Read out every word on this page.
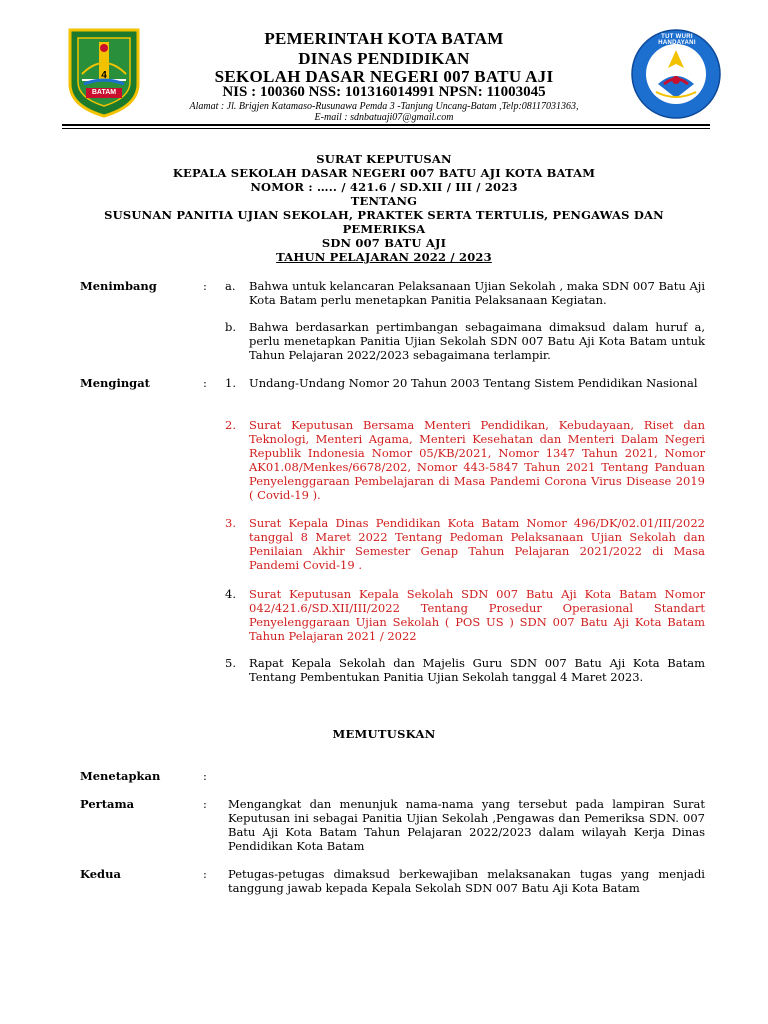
4
BATAM
PEMERINTAH KOTA BATAM
DINAS PENDIDIKAN
SEKOLAH DASAR NEGERI 007 BATU AJI
NIS : 100360 NSS: 101316014991 NPSN: 11003045
Alamat : Jl. Brigjen Katamaso-Rusunawa Pemda 3 -Tanjung Uncang-Batam ,Telp:08117031363,
E-mail : sdnbatuaji07@gmail.com
TUT WURI HANDAYANI
SURAT KEPUTUSAN
KEPALA SEKOLAH DASAR NEGERI 007 BATU AJI KOTA BATAM
NOMOR : ….. / 421.6 / SD.XII / III / 2023
TENTANG
SUSUNAN PANITIA UJIAN SEKOLAH, PRAKTEK SERTA TERTULIS, PENGAWAS DAN
PEMERIKSA
SDN 007 BATU AJI
TAHUN PELAJARAN 2022 / 2023
Menimbang	: a. Bahwa untuk kelancaran Pelaksanaan Ujian Sekolah , maka SDN 007 Batu Aji Kota Batam perlu menetapkan Panitia Pelaksanaan Kegiatan.
b. Bahwa berdasarkan pertimbangan sebagaimana dimaksud dalam huruf a, perlu menetapkan Panitia Ujian Sekolah SDN 007 Batu Aji Kota Batam untuk Tahun Pelajaran 2022/2023 sebagaimana terlampir.
Mengingat	: 1. Undang-Undang Nomor 20 Tahun 2003 Tentang Sistem Pendidikan Nasional
2. Surat Keputusan Bersama Menteri Pendidikan, Kebudayaan, Riset dan Teknologi, Menteri Agama, Menteri Kesehatan dan Menteri Dalam Negeri Republik Indonesia Nomor 05/KB/2021, Nomor 1347 Tahun 2021, Nomor AK01.08/Menkes/6678/202, Nomor 443-5847 Tahun 2021 Tentang Panduan Penyelenggaraan Pembelajaran di Masa Pandemi Corona Virus Disease 2019 ( Covid-19 ).
3. Surat Kepala Dinas Pendidikan Kota Batam Nomor 496/DK/02.01/III/2022 tanggal 8 Maret 2022 Tentang Pedoman Pelaksanaan Ujian Sekolah dan Penilaian Akhir Semester Genap Tahun Pelajaran 2021/2022 di Masa Pandemi Covid-19 .
4. Surat Keputusan Kepala Sekolah SDN 007 Batu Aji Kota Batam Nomor 042/421.6/SD.XII/III/2022 Tentang Prosedur Operasional Standart Penyelenggaraan Ujian Sekolah ( POS US ) SDN 007 Batu Aji Kota Batam Tahun Pelajaran 2021 / 2022
5. Rapat Kepala Sekolah dan Majelis Guru SDN 007 Batu Aji Kota Batam Tentang Pembentukan Panitia Ujian Sekolah tanggal 4 Maret 2023.
MEMUTUSKAN
Menetapkan	:
Pertama	: Mengangkat dan menunjuk nama-nama yang tersebut pada lampiran Surat Keputusan ini sebagai Panitia Ujian Sekolah ,Pengawas dan Pemeriksa SDN. 007 Batu Aji Kota Batam Tahun Pelajaran 2022/2023 dalam wilayah Kerja Dinas Pendidikan Kota Batam
Kedua	: Petugas-petugas dimaksud berkewajiban melaksanakan tugas yang menjadi tanggung jawab kepada Kepala Sekolah SDN 007 Batu Aji Kota Batam
